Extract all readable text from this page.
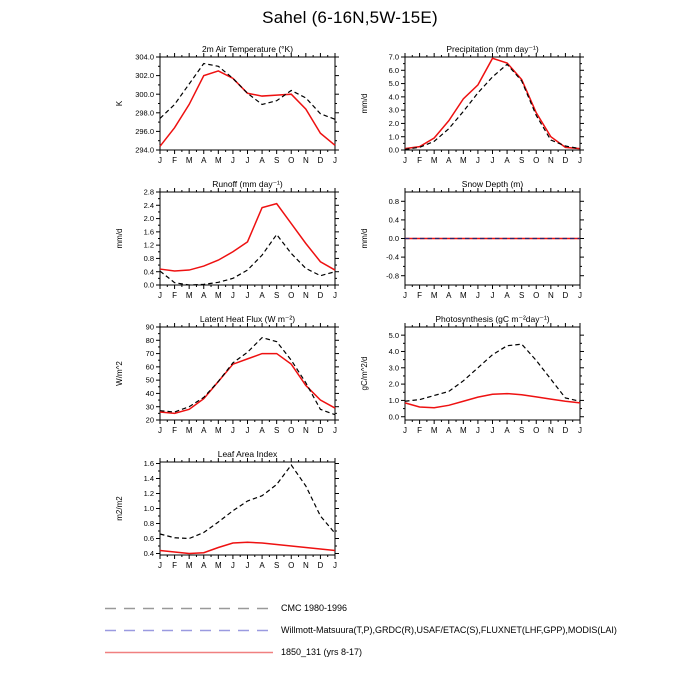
Sahel (6-16N,5W-15E)
2m Air Temperature (°K)
K
294.0
296.0
298.0
300.0
302.0
304.0
J F M A M J J A S O N D J
Precipitation (mm day⁻¹)
mm/d
0.0
1.0
2.0
3.0
4.0
5.0
6.0
7.0
J F M A M J J A S O N D J
Runoff (mm day⁻¹)
mm/d
0.0
0.4
0.8
1.2
1.6
2.0
2.4
2.8
J F M A M J J A S O N D J
Snow Depth (m)
mm/d
-0.8
-0.4
0.0
0.4
0.8
J F M A M J J A S O N D J
Latent Heat Flux (W m⁻²)
W/m^2
20
30
40
50
60
70
80
90
J F M A M J J A S O N D J
Photosynthesis (gC m⁻²day⁻¹)
gC/m^2/d
0.0
1.0
2.0
3.0
4.0
5.0
J F M A M J J A S O N D J
Leaf Area Index
m2/m2
0.4
0.6
0.8
1.0
1.2
1.4
1.6
J F M A M J J A S O N D J
CMC 1980-1996
Willmott-Matsuura(T,P),GRDC(R),USAF/ETAC(S),FLUXNET(LHF,GPP),MODIS(LAI)
1850_131 (yrs 8-17)
